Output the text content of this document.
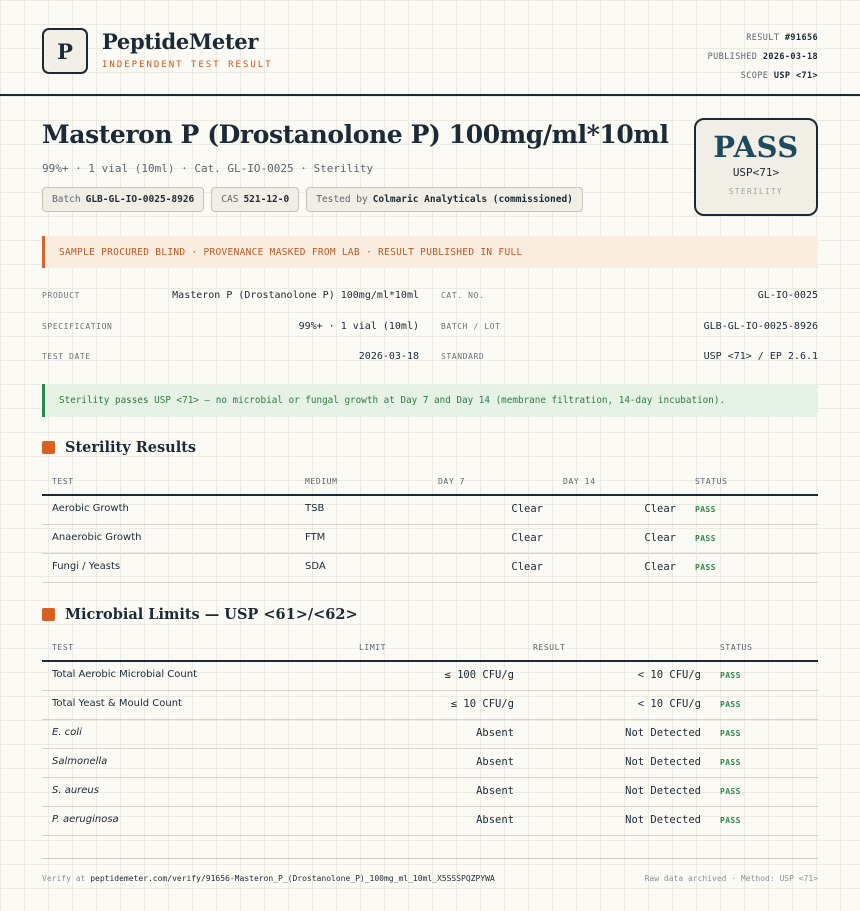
P PeptideMeter
INDEPENDENT TEST RESULT
RESULT #91656
PUBLISHED 2026-03-18
SCOPE USP <71>
Masteron P (Drostanolone P) 100mg/ml*10ml
99%+ · 1 vial (10ml) · Cat. GL-IO-0025 · Sterility
Batch GLB-GL-IO-0025-8926	CAS 521-12-0	Tested by Colmaric Analyticals (commissioned)
PASS
USP<71>
STERILITY
SAMPLE PROCURED BLIND · PROVENANCE MASKED FROM LAB · RESULT PUBLISHED IN FULL
PRODUCT	Masteron P (Drostanolone P) 100mg/ml*10ml	CAT. NO.	GL-IO-0025
SPECIFICATION	99%+ · 1 vial (10ml)	BATCH / LOT	GLB-GL-IO-0025-8926
TEST DATE	2026-03-18	STANDARD	USP <71> / EP 2.6.1
Sterility passes USP <71> — no microbial or fungal growth at Day 7 and Day 14 (membrane filtration, 14-day incubation).
Sterility Results
TEST	MEDIUM	DAY 7	DAY 14	STATUS
Aerobic Growth	TSB	Clear	Clear PASS
Anaerobic Growth	FTM	Clear	Clear PASS
Fungi / Yeasts	SDA	Clear	Clear PASS
Microbial Limits — USP <61>/<62>
TEST	LIMIT	RESULT	STATUS
Total Aerobic Microbial Count	≤ 100 CFU/g	< 10 CFU/g PASS
Total Yeast & Mould Count	≤ 10 CFU/g	< 10 CFU/g PASS
E. coli	Absent	Not Detected PASS
Salmonella	Absent	Not Detected PASS
S. aureus	Absent	Not Detected PASS
P. aeruginosa	Absent	Not Detected PASS
Verify at peptidemeter.com/verify/91656-Masteron_P_(Drostanolone_P)_100mg_ml_10ml_X5SSSPQZPYWA	Raw data archived · Method: USP <71>
